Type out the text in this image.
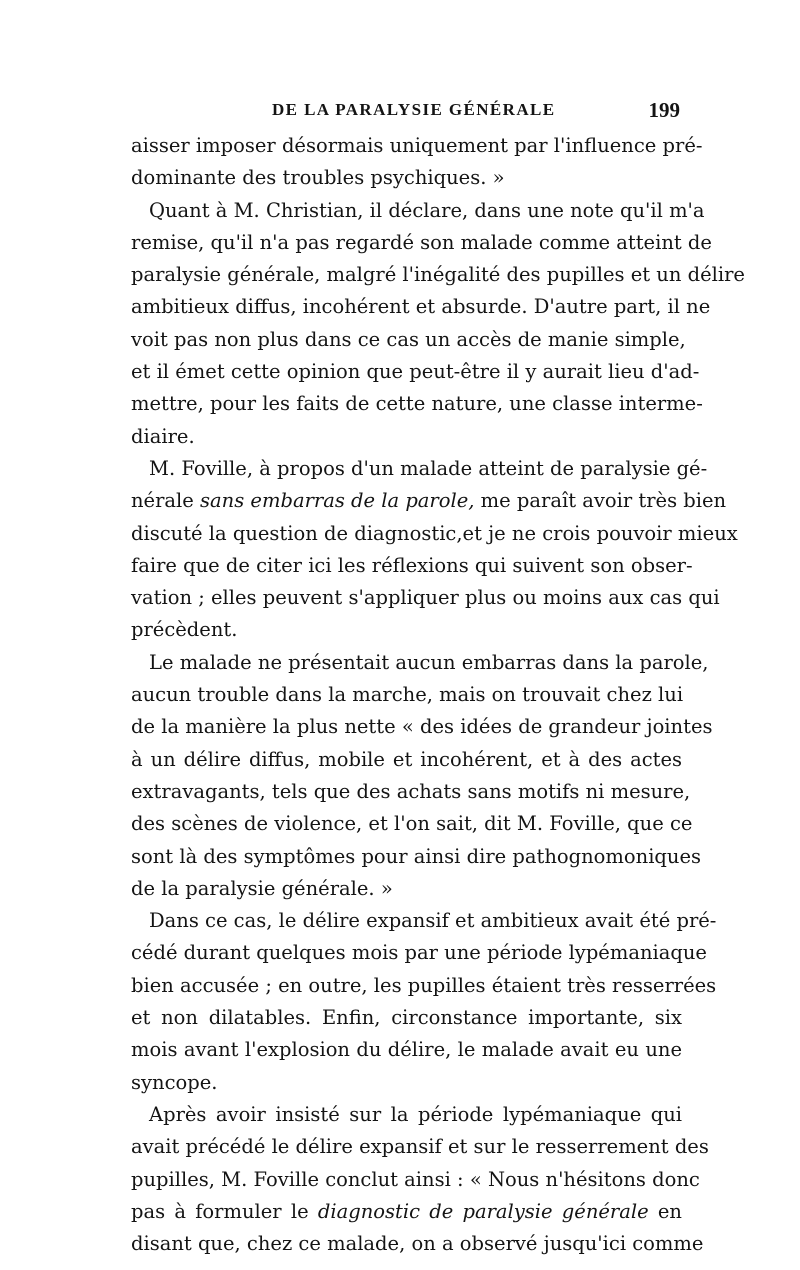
DE LA PARALYSIE GÉNÉRALE	199
aisser imposer désormais uniquement par l'influence pré-
dominante des troubles psychiques. »
Quant à M. Christian, il déclare, dans une note qu'il m'a
remise, qu'il n'a pas regardé son malade comme atteint de
paralysie générale, malgré l'inégalité des pupilles et un délire
ambitieux diffus, incohérent et absurde. D'autre part, il ne
voit pas non plus dans ce cas un accès de manie simple,
et il émet cette opinion que peut-être il y aurait lieu d'ad-
mettre, pour les faits de cette nature, une classe interme-
diaire.
M. Foville, à propos d'un malade atteint de paralysie gé-
nérale sans embarras de la parole, me paraît avoir très bien
discuté la question de diagnostic,et je ne crois pouvoir mieux
faire que de citer ici les réflexions qui suivent son obser-
vation ; elles peuvent s'appliquer plus ou moins aux cas qui
précèdent.
Le malade ne présentait aucun embarras dans la parole,
aucun trouble dans la marche, mais on trouvait chez lui
de la manière la plus nette « des idées de grandeur jointes
à un délire diffus, mobile et incohérent, et à des actes
extravagants, tels que des achats sans motifs ni mesure,
des scènes de violence, et l'on sait, dit M. Foville, que ce
sont là des symptômes pour ainsi dire pathognomoniques
de la paralysie générale. »
Dans ce cas, le délire expansif et ambitieux avait été pré-
cédé durant quelques mois par une période lypémaniaque
bien accusée ; en outre, les pupilles étaient très resserrées
et non dilatables. Enfin, circonstance importante, six
mois avant l'explosion du délire, le malade avait eu une
syncope.
Après avoir insisté sur la période lypémaniaque qui
avait précédé le délire expansif et sur le resserrement des
pupilles, M. Foville conclut ainsi : « Nous n'hésitons donc
pas à formuler le diagnostic de paralysie générale en
disant que, chez ce malade, on a observé jusqu'ici comme
